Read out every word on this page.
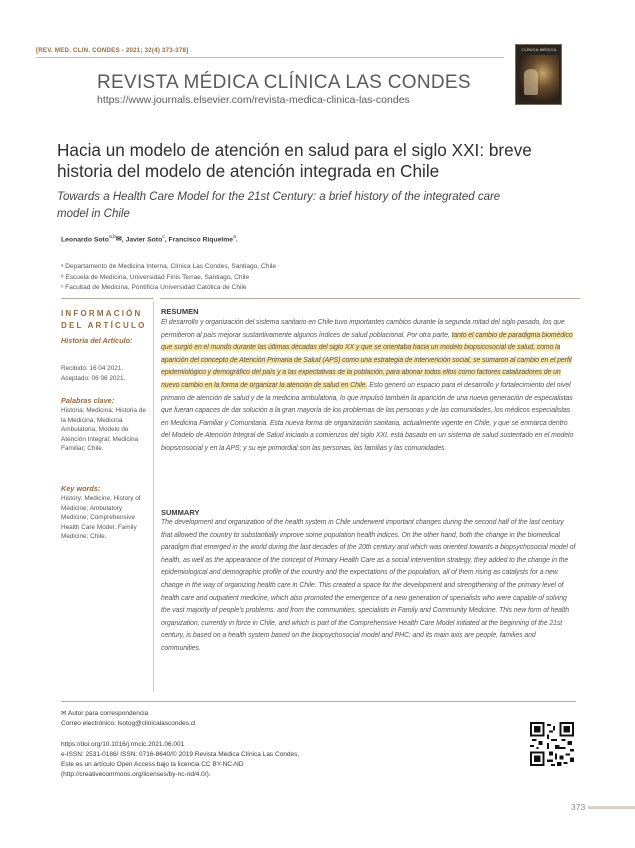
[REV. MED. CLIN. CONDES - 2021; 32(4) 373-378]	CLÍNICA MÉDICA
REVISTA MÉDICA CLÍNICA LAS CONDES
https://www.journals.elsevier.com/revista-medica-clinica-las-condes
Hacia un modelo de atención en salud para el siglo XXI: breve historia del modelo de atención integrada en Chile
Towards a Health Care Model for the 21st Century: a brief history of the integrated care model in Chile
Leonardo Soto$^{a,b}$✉, Javier Soto$^c$, Francisco Riquelme$^a$.
ᵃ Departamento de Medicina Interna, Clínica Las Condes, Santiago, Chile
ᵇ Escuela de Medicina, Universidad Finis Terrae, Santiago, Chile
ᶜ Facultad de Medicina, Pontificia Universidad Católica de Chile
INFORMACIÓN
DEL ARTÍCULO
Historia del Artículo:
Recibido: 16 04 2021.
Aceptado: 06 06 2021.
Palabras clave:
Historia; Medicina; Historia de la Medicina; Medicina Ambulatoria; Modelo de Atención Integral; Medicina Familiar; Chile.
Key words:
History; Medicine; History of Medicine; Ambulatory Medicine; Comprehensive Health Care Model; Family Medicine; Chile.
RESUMEN
El desarrollo y organización del sistema sanitario en Chile tuvo importantes cambios durante la segunda mitad del siglo pasado, los que permitieron al país mejorar sustantivamente algunos índices de salud poblacional. Por otra parte, tanto el cambio de paradigma biomédico que surgió en el mundo durante las últimas décadas del siglo XX y que se orientaba hacia un modelo biopsicosocial de salud, como la aparición del concepto de Atención Primaria de Salud (APS) como una estrategia de intervención social, se sumaron al cambio en el perfil epidemiológico y demográfico del país y a las expectativas de la población, para abonar todos ellos como factores catalizadores de un nuevo cambio en la forma de organizar la atención de salud en Chile. Esto generó un espacio para el desarrollo y fortalecimiento del nivel primario de atención de salud y de la medicina ambulatoria, lo que impulsó también la aparición de una nueva generación de especialistas que fueran capaces de dar solución a la gran mayoría de los problemas de las personas y de las comunidades, los médicos especialistas en Medicina Familiar y Comunitaria. Esta nueva forma de organización sanitaria, actualmente vigente en Chile, y que se enmarca dentro del Modelo de Atención Integral de Salud iniciado a comienzos del siglo XXI, está basado en un sistema de salud sustentado en el modelo biopsicosocial y en la APS; y su eje primordial son las personas, las familias y las comunidades.
SUMMARY
The development and organization of the health system in Chile underwent important changes during the second half of the last century that allowed the country to substantially improve some population health indices. On the other hand, both the change in the biomedical paradigm that emerged in the world during the last decades of the 20th century and which was oriented towards a biopsychosocial model of health, as well as the appearance of the concept of Primary Health Care as a social intervention strategy, they added to the change in the epidemiological and demographic profile of the country and the expectations of the population, all of them rising as catalysts for a new change in the way of organizing health care in Chile. This created a space for the development and strengthening of the primary level of health care and outpatient medicine, which also promoted the emergence of a new generation of specialists who were capable of solving the vast majority of people's problems. and from the communities, specialists in Family and Community Medicine. This new form of health organization, currently in force in Chile, and which is part of the Comprehensive Health Care Model initiated at the beginning of the 21st century, is based on a health system based on the biopsychosocial model and PHC; and its main axis are people, families and communities.
✉ Autor para correspondencia
Correo electrónico: lsotog@clinicalascondes.cl
https://doi.org/10.1016/j.rmclc.2021.06.001
e-ISSN: 2531-0186/ ISSN: 0716-8640/© 2019 Revista Médica Clínica Las Condes.
Este es un artículo Open Access bajo la licencia CC BY-NC-ND
(http://creativecommons.org/licenses/by-nc-nd/4.0/).
373
